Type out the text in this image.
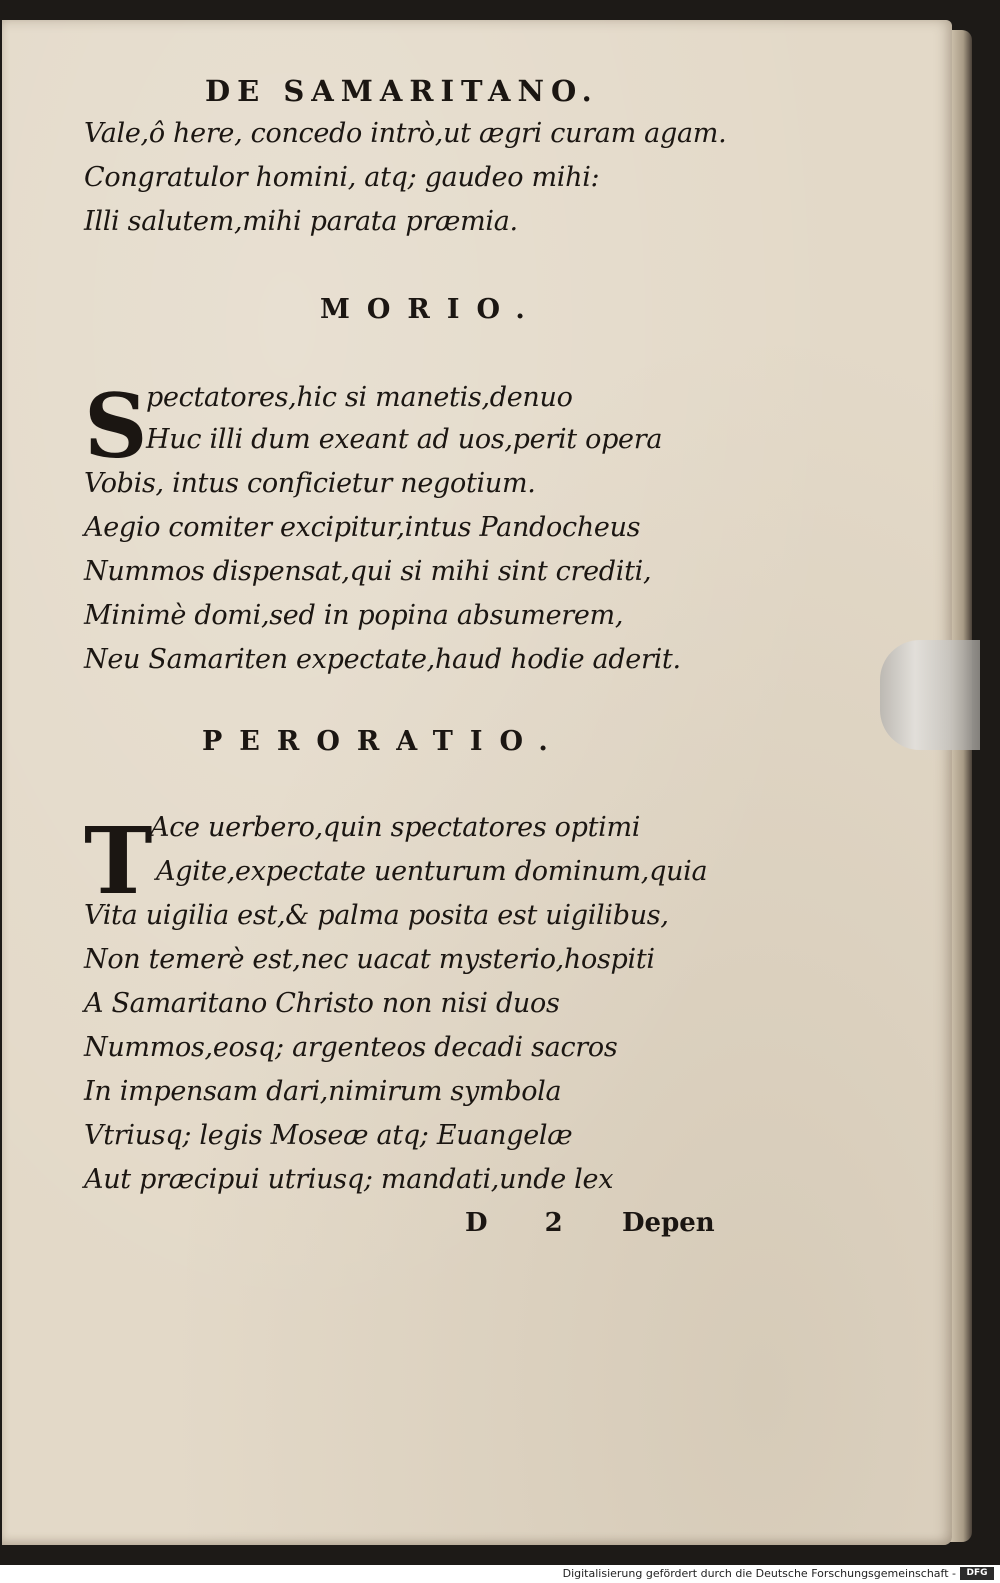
DE SAMARITANO.
Vale,ô here, concedo intrò,ut ægri curam agam.
Congratulor homini, atq; gaudeo mihi:
Illi salutem,mihi parata præmia.
MORIO.
S
pectatores,hic si manetis,denuo
Huc illi dum exeant ad uos,perit opera
Vobis, intus conficietur negotium.
Aegio comiter excipitur,intus Pandocheus
Nummos dispensat,qui si mihi sint crediti,
Minimè domi,sed in popina absumerem,
Neu Samariten expectate,haud hodie aderit.
PERORATIO.
T
Ace uerbero,quin spectatores optimi
Agite,expectate uenturum dominum,quia
Vita uigilia est,& palma posita est uigilibus,
Non temerè est,nec uacat mysterio,hospiti
A Samaritano Christo non nisi duos
Nummos,eosq; argenteos decadi sacros
In impensam dari,nimirum symbola
Vtriusq; legis Moseæ atq; Euangelæ
Aut præcipui utriusq; mandati,unde lex
D 2 Depen
Digitalisierung gefördert durch die Deutsche Forschungsgemeinschaft -	DFG
